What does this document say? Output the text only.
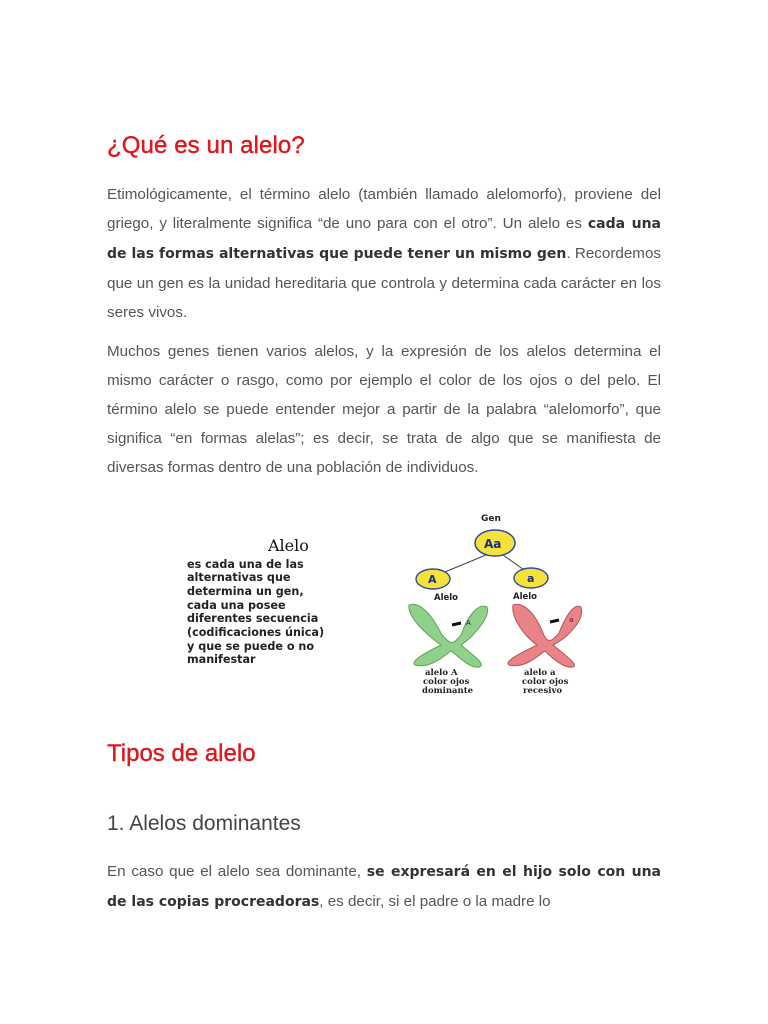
¿Qué es un alelo?

Etimológicamente, el término alelo (también llamado alelomorfo), proviene del griego, y literalmente significa “de uno para con el otro”. Un alelo es cada una de las formas alternativas que puede tener un mismo gen. Recordemos que un gen es la unidad hereditaria que controla y determina cada carácter en los seres vivos.

Muchos genes tienen varios alelos, y la expresión de los alelos determina el mismo carácter o rasgo, como por ejemplo el color de los ojos o del pelo. El término alelo se puede entender mejor a partir de la palabra “alelomorfo”, que significa “en formas alelas”; es decir, se trata de algo que se manifiesta de diversas formas dentro de una población de individuos.

Alelo
es cada una de las
alternativas que
determina un gen,
cada una posee
diferentes secuencia
(codificaciones única)
y que se puede o no
manifestar
Gen
Aa
A	a
Alelo	Alelo
A	a
alelo A
color ojos
dominante
alelo a
color ojos
recesivo
Tipos de alelo
1. Alelos dominantes

En caso que el alelo sea dominante, se expresará en el hijo solo con una de las copias procreadoras, es decir, si el padre o la madre lo
